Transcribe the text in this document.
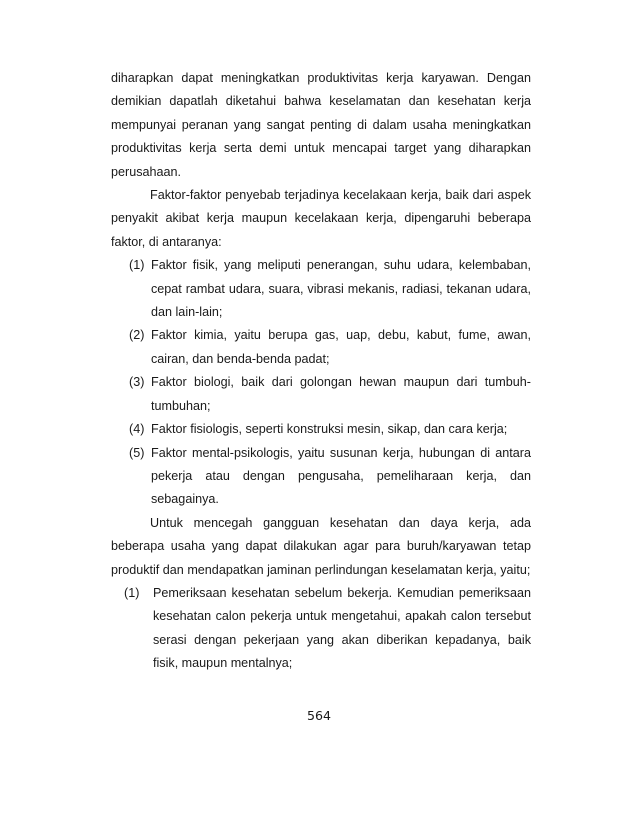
diharapkan dapat meningkatkan produktivitas kerja karyawan. Dengan demikian dapatlah diketahui bahwa keselamatan dan kesehatan kerja mempunyai peranan yang sangat penting di dalam usaha meningkatkan produktivitas kerja serta demi untuk mencapai target yang diharapkan perusahaan.

Faktor-faktor penyebab terjadinya kecelakaan kerja, baik dari aspek penyakit akibat kerja maupun kecelakaan kerja, dipengaruhi beberapa faktor, di antaranya:

(1) Faktor fisik, yang meliputi penerangan, suhu udara, kelembaban, cepat rambat udara, suara, vibrasi mekanis, radiasi, tekanan udara, dan lain-lain;
(2) Faktor kimia, yaitu berupa gas, uap, debu, kabut, fume, awan, cairan, dan benda-benda padat;
(3) Faktor biologi, baik dari golongan hewan maupun dari tumbuh-tumbuhan;
(4) Faktor fisiologis, seperti konstruksi mesin, sikap, dan cara kerja;
(5) Faktor mental-psikologis, yaitu susunan kerja, hubungan di antara pekerja atau dengan pengusaha, pemeliharaan kerja, dan sebagainya.

Untuk mencegah gangguan kesehatan dan daya kerja, ada beberapa usaha yang dapat dilakukan agar para buruh/karyawan tetap produktif dan mendapatkan jaminan perlindungan keselamatan kerja, yaitu;

(1) Pemeriksaan kesehatan sebelum bekerja. Kemudian pemeriksaan kesehatan calon pekerja untuk mengetahui, apakah calon tersebut serasi dengan pekerjaan yang akan diberikan kepadanya, baik fisik, maupun mentalnya;
564
